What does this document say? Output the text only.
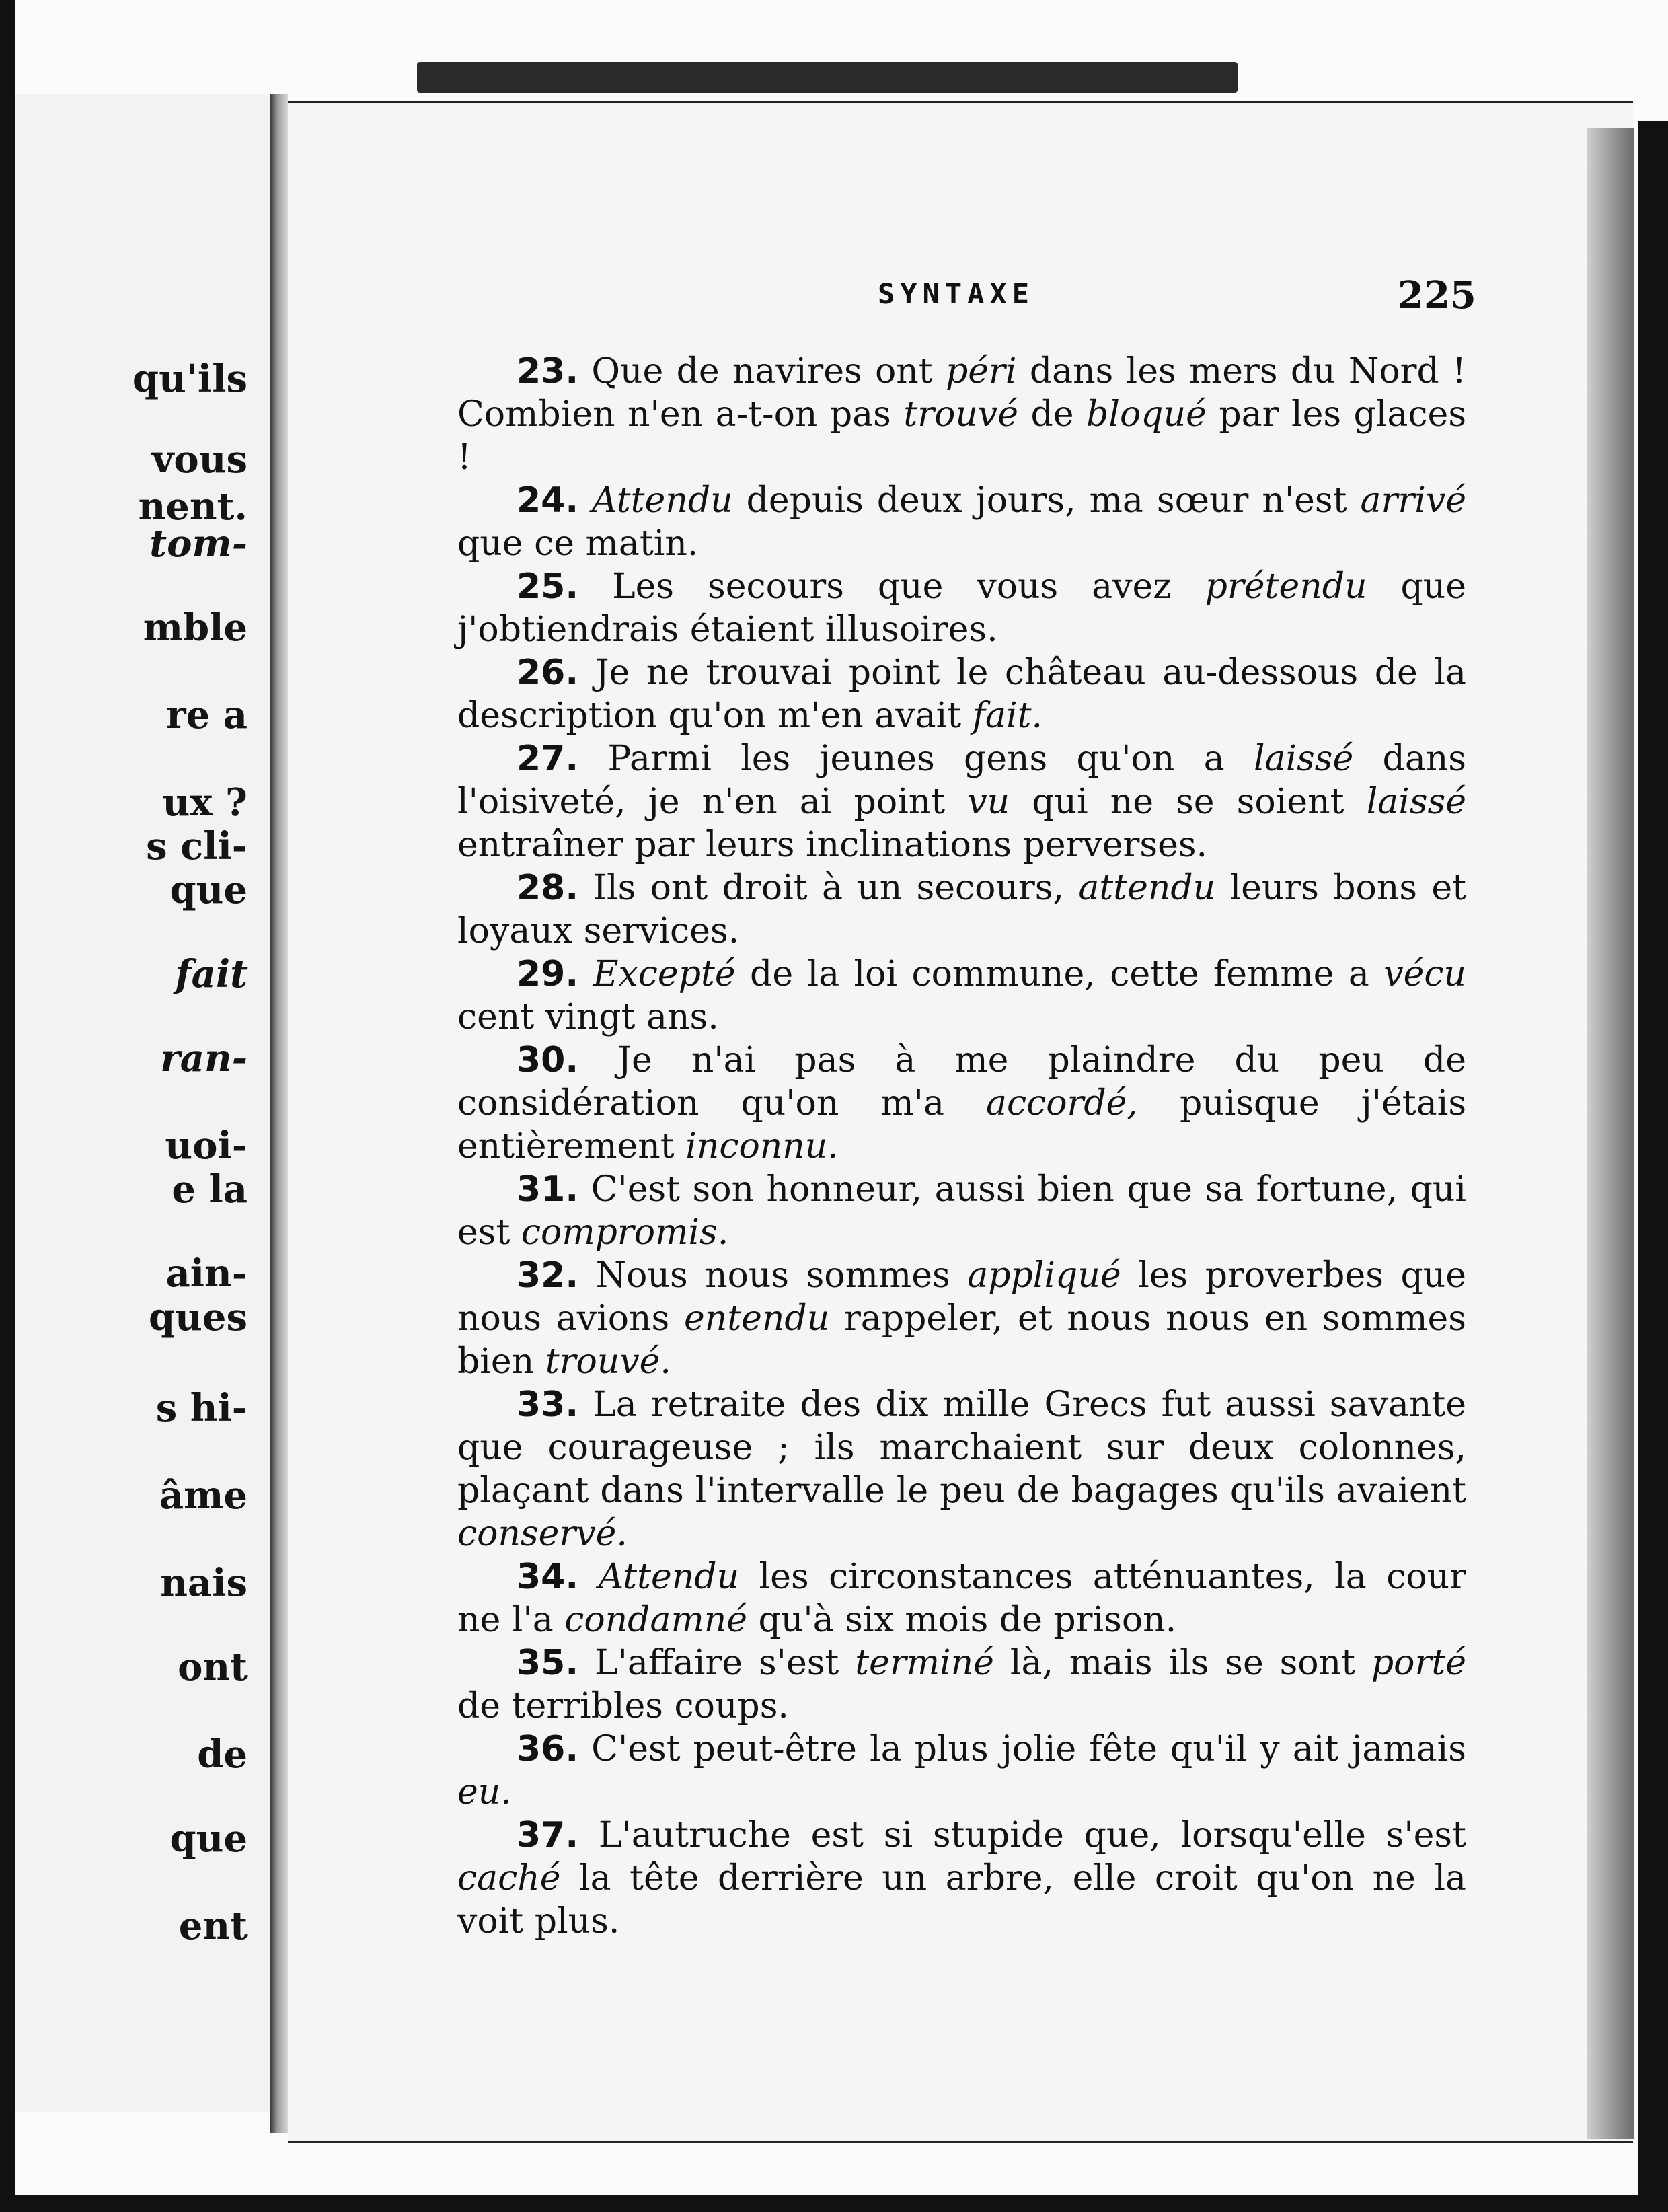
qu'ils
vous
nent.
tom-
mble
re a
ux ?
s cli-
que
fait
ran-
uoi-
e la
ain-
ques
s hi-
âme
nais
ont
de
que
ent
SYNTAXE	225

23. Que de navires ont péri dans les mers du Nord ! Combien n'en a-t-on pas trouvé de bloqué par les glaces !

24. Attendu depuis deux jours, ma sœur n'est arrivé que ce matin.

25. Les secours que vous avez prétendu que j'obtiendrais étaient illusoires.

26. Je ne trouvai point le château au-dessous de la description qu'on m'en avait fait.

27. Parmi les jeunes gens qu'on a laissé dans l'oisiveté, je n'en ai point vu qui ne se soient laissé entraîner par leurs inclinations perverses.

28. Ils ont droit à un secours, attendu leurs bons et loyaux services.

29. Excepté de la loi commune, cette femme a vécu cent vingt ans.

30. Je n'ai pas à me plaindre du peu de considération qu'on m'a accordé, puisque j'étais entièrement inconnu.

31. C'est son honneur, aussi bien que sa fortune, qui est compromis.

32. Nous nous sommes appliqué les proverbes que nous avions entendu rappeler, et nous nous en sommes bien trouvé.

33. La retraite des dix mille Grecs fut aussi savante que courageuse ; ils marchaient sur deux colonnes, plaçant dans l'intervalle le peu de bagages qu'ils avaient conservé.

34. Attendu les circonstances atténuantes, la cour ne l'a condamné qu'à six mois de prison.

35. L'affaire s'est terminé là, mais ils se sont porté de terribles coups.

36. C'est peut-être la plus jolie fête qu'il y ait jamais eu.

37. L'autruche est si stupide que, lorsqu'elle s'est caché la tête derrière un arbre, elle croit qu'on ne la voit plus.
